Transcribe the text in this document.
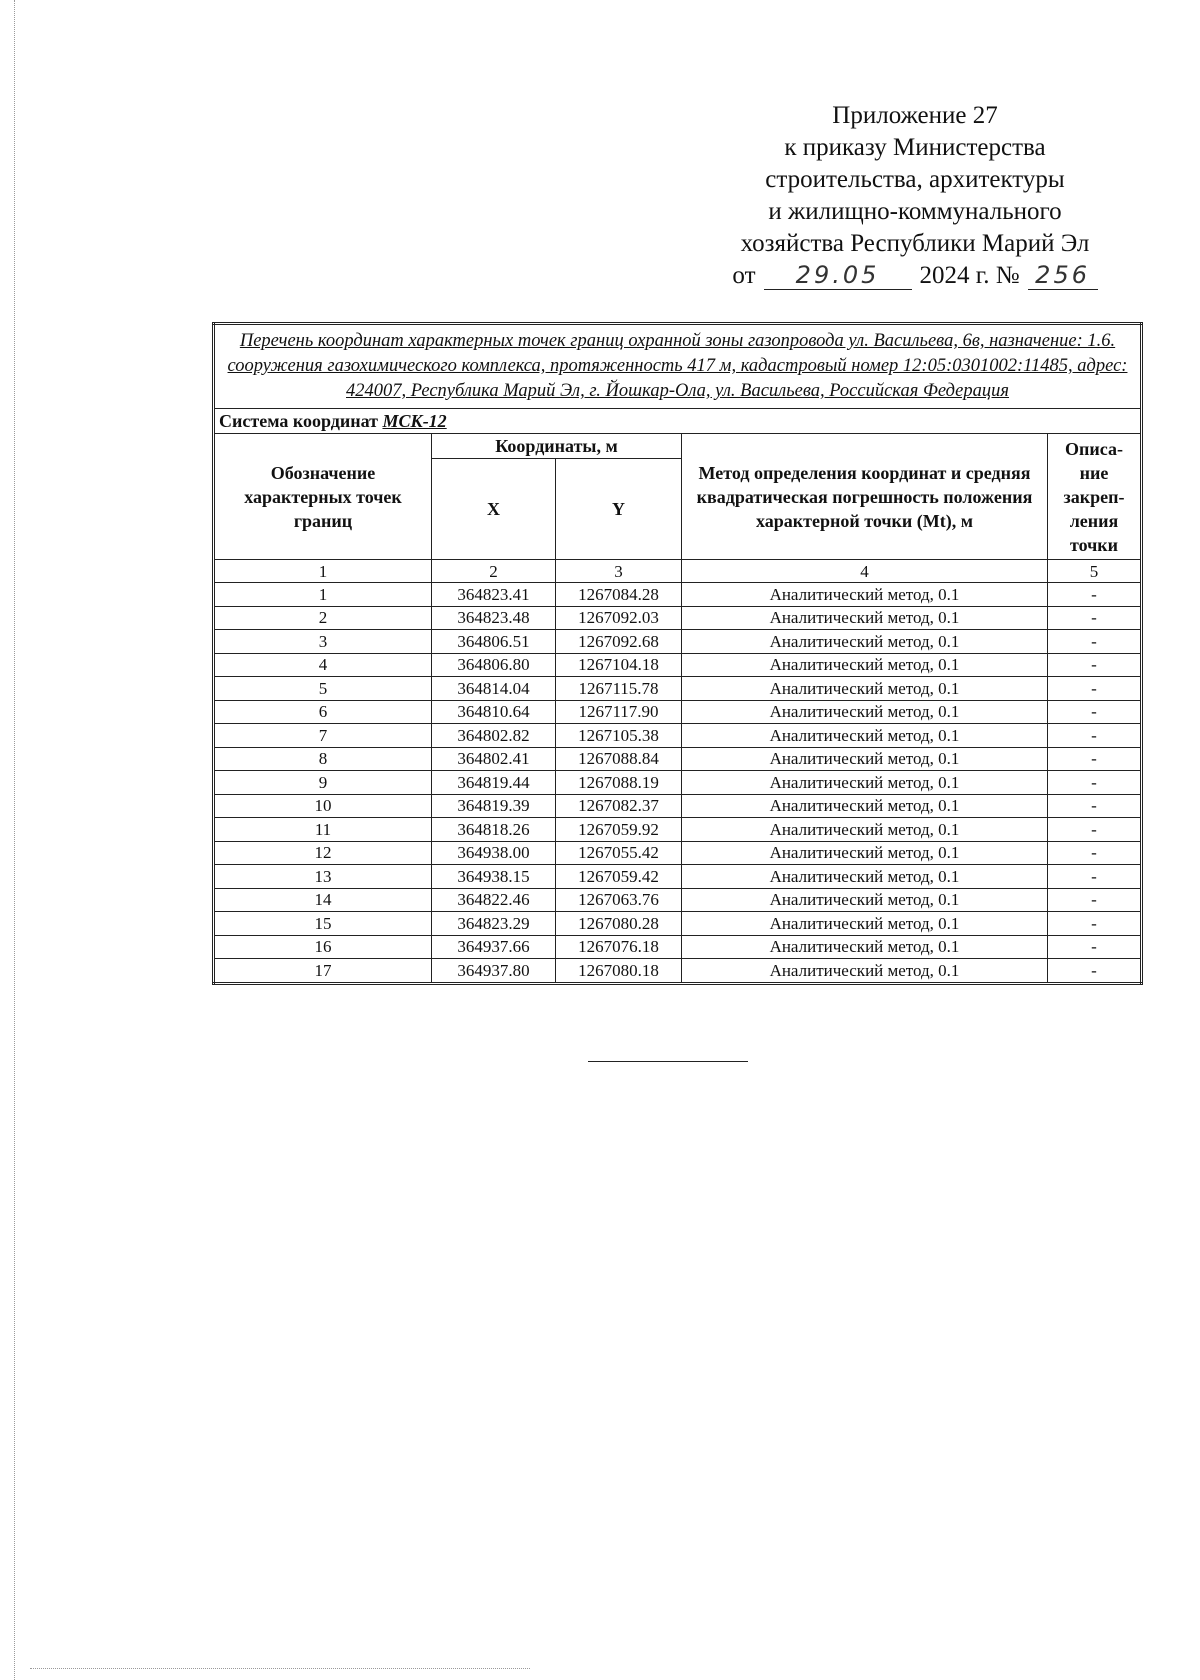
Приложение 27
к приказу Министерства
строительства, архитектуры
и жилищно-коммунального
хозяйства Республики Марий Эл
от	29.05	2024 г. № 256
Перечень координат характерных точек границ охранной зоны газопровода ул. Васильева, 6в, назначение: 1.6. сооружения газохимического комплекса, протяженность 417 м, кадастровый номер 12:05:0301002:11485, адрес: 424007, Республика Марий Эл, г. Йошкар-Ола, ул. Васильева, Российская Федерация				
Система координат МСК-12				
Обозначение характерных точек границ	Координаты, м		Метод определения координат и средняя квадратическая погрешность положения характерной точки (Mt), м	Описа-ние закреп-ления точки
	X	Y		
1	2	3	4	5
1	364823.41	1267084.28	Аналитический метод, 0.1	-
2	364823.48	1267092.03	Аналитический метод, 0.1	-
3	364806.51	1267092.68	Аналитический метод, 0.1	-
4	364806.80	1267104.18	Аналитический метод, 0.1	-
5	364814.04	1267115.78	Аналитический метод, 0.1	-
6	364810.64	1267117.90	Аналитический метод, 0.1	-
7	364802.82	1267105.38	Аналитический метод, 0.1	-
8	364802.41	1267088.84	Аналитический метод, 0.1	-
9	364819.44	1267088.19	Аналитический метод, 0.1	-
10	364819.39	1267082.37	Аналитический метод, 0.1	-
11	364818.26	1267059.92	Аналитический метод, 0.1	-
12	364938.00	1267055.42	Аналитический метод, 0.1	-
13	364938.15	1267059.42	Аналитический метод, 0.1	-
14	364822.46	1267063.76	Аналитический метод, 0.1	-
15	364823.29	1267080.28	Аналитический метод, 0.1	-
16	364937.66	1267076.18	Аналитический метод, 0.1	-
17	364937.80	1267080.18	Аналитический метод, 0.1	-
